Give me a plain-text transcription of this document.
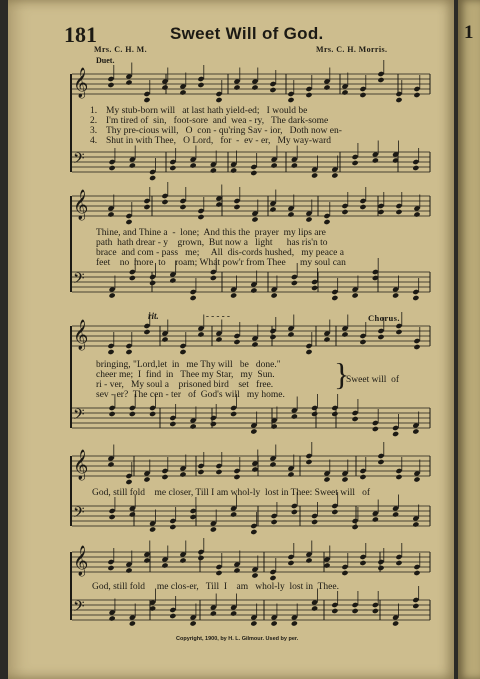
1
181	Sweet Will of God.
Mrs. C. H. M.	Mrs. C. H. Morris.
Duet.
𝄞
𝄢
𝄞
𝄢
𝄞
𝄢
𝄞
𝄢
𝄞
𝄢
1.
2.
3.
4.
My stub-born will   at last hath yield-ed;   I would be
I'm tired of  sin,   foot-sore  and  wea - ry,   The dark-some
Thy pre-cious will,   O  con - qu'ring Sav - ior,   Doth now en-
Shut in with Thee,   O Lord,   for  -  ev - er,   My way-ward
Thine, and Thine a  -  lone;  And this the  prayer  my lips are
path  hath drear - y    grown,  But now a   light      has ris'n to
brace  and com - pass   me;     All  dis-cords hushed,   my peace a
feet    no  more  to    roam; What pow'r from Thee      my soul can
rit.	- - - - -	Chorus.
bringing, "Lord,let  in   me Thy will   be   done."
cheer me;  I  find  in   Thee my Star,   my  Sun.
ri - ver,   My soul a    prisoned bird    set   free.
sev - er?  The cen - ter   of  God's will   my home.
}
Sweet will  of
God, still fold    me closer, Till I am whol-ly  lost in Thee: Sweet will   of
God, still fold     me clos-er,   Till  I    am   whol-ly  lost in  Thee.
Copyright, 1900, by H. L. Gilmour. Used by per.
